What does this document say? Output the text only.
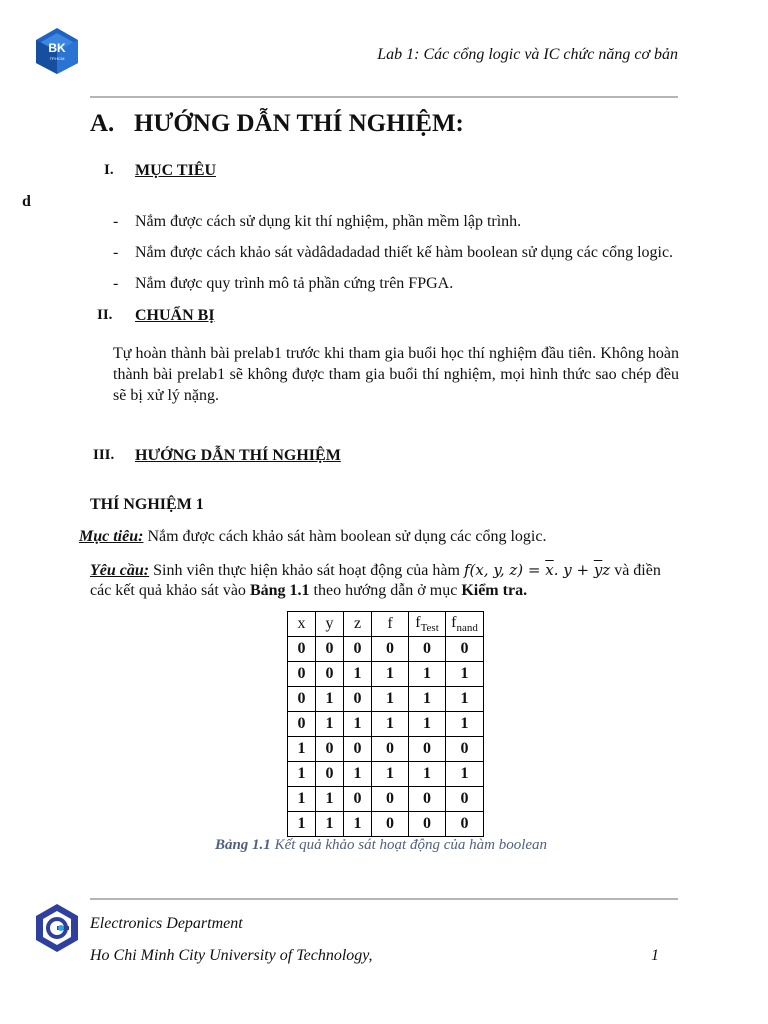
BK
TP.HCM	Lab 1: Các cổng logic và IC chức năng cơ bản
A. HƯỚNG DẪN THÍ NGHIỆM:
I. MỤC TIÊU
d
- Nắm được cách sử dụng kit thí nghiệm, phần mềm lập trình.
- Nắm được cách khảo sát vàdâdadadad thiết kế hàm boolean sử dụng các cổng logic.
- Nắm được quy trình mô tả phần cứng trên FPGA.
II. CHUẨN BỊ
Tự hoàn thành bài prelab1 trước khi tham gia buổi học thí nghiệm đầu tiên. Không hoàn thành bài prelab1 sẽ không được tham gia buổi thí nghiệm, mọi hình thức sao chép đều sẽ bị xử lý nặng.
III. HƯỚNG DẪN THÍ NGHIỆM
THÍ NGHIỆM 1
Mục tiêu: Nắm được cách khảo sát hàm boolean sử dụng các cổng logic.
Yêu cầu: Sinh viên thực hiện khảo sát hoạt động của hàm f(x, y, $z) = \overline{x}$. $y + \overline{y}z$ và điền các kết quả khảo sát vào Bảng 1.1 theo hướng dẫn ở mục Kiểm tra.
x	y	z	f	$f_{Test}$	$f_{nand}$
0	0	0	0	0	0
0	0	1	1	1	1
0	1	0	1	1	1
0	1	1	1	1	1
1	0	0	0	0	0
1	0	1	1	1	1
1	1	0	0	0	0
1	1	1	0	0	0
Bảng 1.1 Kết quả khảo sát hoạt động của hàm boolean
Electronics Department
Ho Chi Minh City University of Technology,	1
